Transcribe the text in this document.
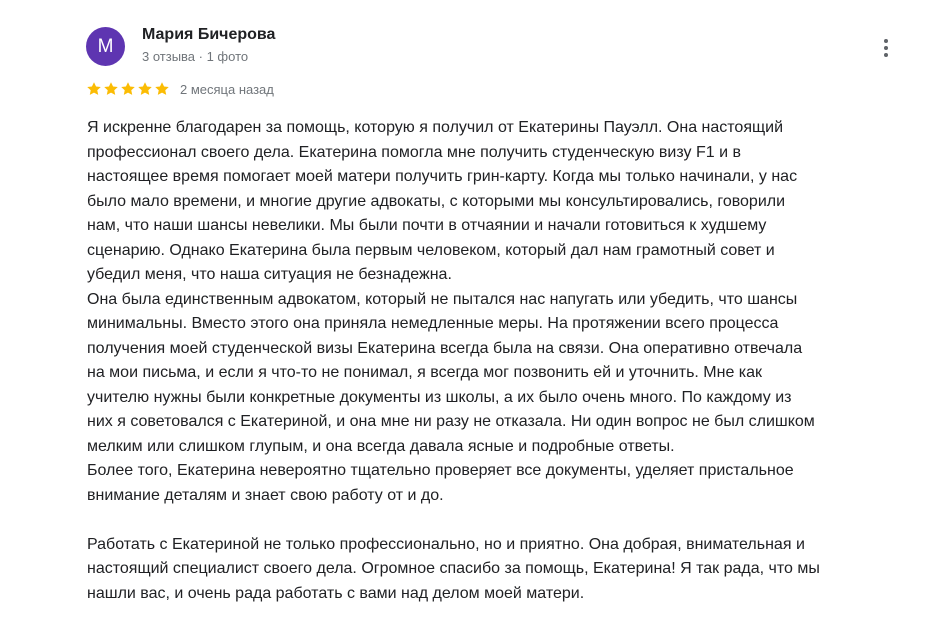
М
Мария Бичерова
3 отзыва · 1 фото
2 месяца назад

Я искренне благодарен за помощь, которую я получил от Екатерины Пауэлл. Она настоящий

профессионал своего дела. Екатерина помогла мне получить студенческую визу F1 и в

настоящее время помогает моей матери получить грин-карту. Когда мы только начинали, у нас

было мало времени, и многие другие адвокаты, с которыми мы консультировались, говорили

нам, что наши шансы невелики. Мы были почти в отчаянии и начали готовиться к худшему

сценарию. Однако Екатерина была первым человеком, который дал нам грамотный совет и

убедил меня, что наша ситуация не безнадежна.

Она была единственным адвокатом, который не пытался нас напугать или убедить, что шансы

минимальны. Вместо этого она приняла немедленные меры. На протяжении всего процесса

получения моей студенческой визы Екатерина всегда была на связи. Она оперативно отвечала

на мои письма, и если я что-то не понимал, я всегда мог позвонить ей и уточнить. Мне как

учителю нужны были конкретные документы из школы, а их было очень много. По каждому из

них я советовался с Екатериной, и она мне ни разу не отказала. Ни один вопрос не был слишком

мелким или слишком глупым, и она всегда давала ясные и подробные ответы.

Более того, Екатерина невероятно тщательно проверяет все документы, уделяет пристальное

внимание деталям и знает свою работу от и до.

Работать с Екатериной не только профессионально, но и приятно. Она добрая, внимательная и

настоящий специалист своего дела. Огромное спасибо за помощь, Екатерина! Я так рада, что мы

нашли вас, и очень рада работать с вами над делом моей матери.
